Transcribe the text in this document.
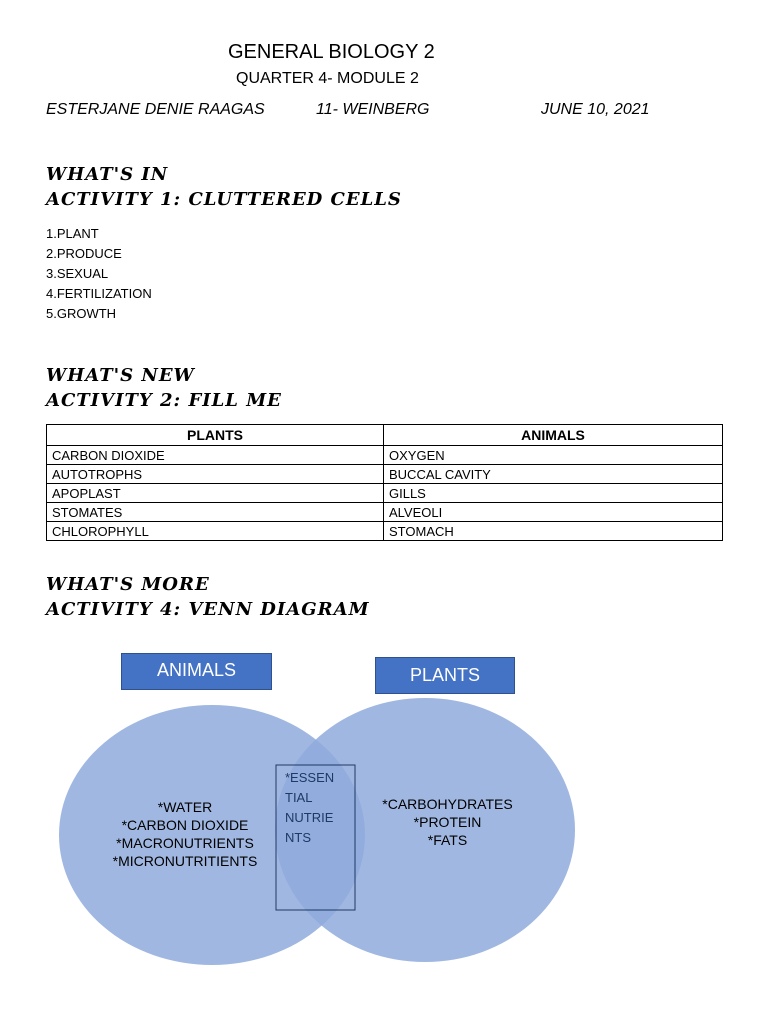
GENERAL BIOLOGY 2
QUARTER 4- MODULE 2
ESTERJANE DENIE RAAGAS	11- WEINBERG	JUNE 10, 2021
WHAT'S IN
ACTIVITY 1: CLUTTERED CELLS
1.PLANT
2.PRODUCE
3.SEXUAL
4.FERTILIZATION
5.GROWTH
WHAT'S NEW
ACTIVITY 2: FILL ME
PLANTS	ANIMALS
CARBON DIOXIDE	OXYGEN
AUTOTROPHS	BUCCAL CAVITY
APOPLAST	GILLS
STOMATES	ALVEOLI
CHLOROPHYLL	STOMACH
WHAT'S MORE
ACTIVITY 4: VENN DIAGRAM
ANIMALS	PLANTS
*WATER
*CARBON DIOXIDE
*MACRONUTRIENTS
*MICRONUTRITIENTS
*CARBOHYDRATES
*PROTEIN
*FATS
*ESSEN
TIAL
NUTRIE
NTS
